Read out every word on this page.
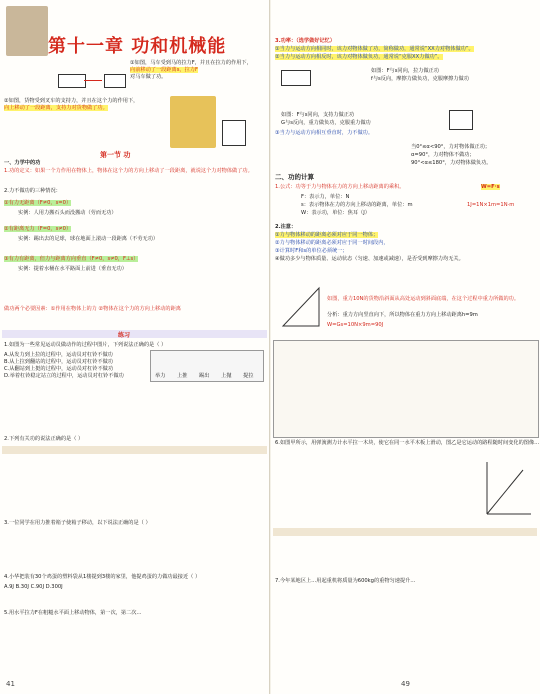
第十一章 功和机械能
①如图，马车受到马的拉力F，并且在拉力的作用下，
向前移动了一段距离s，拉力F
对马车做了功。
②如图，货物受到叉车的支持力，并且在这个力的作用下，
向上移动了一段距离，支持力对货物做了功。
第一节 功
一、力学中的功
1.功的定义：如果一个力作用在物体上，物体在这个力的方向上移动了一段距离，就说这个力对物体做了功。
2.力不做功的三种情况：
①有力无距离（F≠0，s=0）
实例：人用力搬石头而没搬动（劳而无功）
②有距离无力（F=0，s≠0）
实例：踢出去的足球，球在地面上滚动一段距离（不劳无功）
③有力有距离，但力与距离方向垂直（F≠0，s≠0，F⊥s）
实例：提着水桶在水平路面上前进（垂直无功）
做功两个必要因素：①作用在物体上的力 ②物体在这个力的方向上移动的距离
练习
1.如图为一些常见运动员做动作的过程中图片，下列说法正确的是（ ）
A.从发力到上拉的过程中，运动员对杠铃不做功
B.从上拉到翻站的过程中，运动员对杠铃不做功
C.从翻站到上挺的过程中，运动员对杠铃不做功
D.举着杠铃稳定站立的过程中，运动员对杠铃不做功	举力 上推 踢出 上抛 提拉
2.下列有关功的说法正确的是（ ）
3.一位同学在用力推着箱子使箱子移动，以下说法正确的是（ ）
4.小华把装有30个鸡蛋的塑料袋从1楼提到3楼的家里，他提鸡蛋的力做功最接近（ ）
A.9J B.30J C.90J D.300J
5.用水平拉力F在粗糙水平面上移动物体，第一次，第二次…
41
3.功率：（选学做好记忆）
①当力与运动方向相同时，该力对物体做了功，简称做功，通常说“XX力对物体做功”。
②当力与运动方向相反时，该力对物体做负功，通常说“克服XX力做功”。
如图：F与s同向，拉力做正功
f与s反向，摩擦力做负功，克服摩擦力做功
如图：F与s同向，支持力做正功
G与s反向，重力做负功，克服重力做功
③当力与运动方向相互垂直时，力不做功。
当0°≤α<90°，力对物体做正功；
α=90°，力对物体不做功；
90°<α≤180°，力对物体做负功。
二、功的计算
1.公式：功等于力与物体在力的方向上移动距离的乘积。	W=F·s
F：表示力，单位：N
s：表示物体在力的方向上移动的距离，单位：m
W：表示功，单位：焦耳（J）
1J=1N×1m=1N·m
2.注意：
①力与物体移动的距离必须对应于同一物体；
②力与物体移动的距离必须对应于同一时间段内，
③计算时F和s的单位必须统一；
④做功多少与物体质量、运动状态（匀速、加速或减速），是否受到摩擦力均无关。
如图，重力10N的货物沿斜面从高处运动到斜面底端，在这个过程中重力所做的功。
分析：重力方向竖直向下，所以物体在重力方向上移动距离h=9m
W=Gs=10N×9m=90J
6.如图甲所示，用弹簧测力计水平拉一木块，使它在同一水平木板上滑动，图乙是它运动的路程随时间变化的图像…
7.今年某地区上…用起重机将质量为600kg的重物匀速提升…
49
